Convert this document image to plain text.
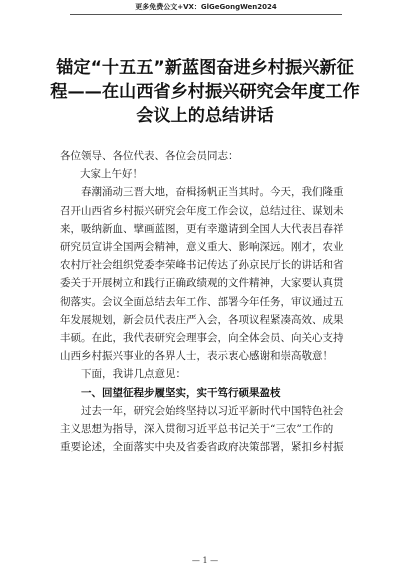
更多免费公文+VX：GlGeGongWen2024
锚定“十五五”新蓝图奋进乡村振兴新征
程——在山西省乡村振兴研究会年度工作
会议上的总结讲话

各位领导、各位代表、各位会员同志：

大家上午好！

春潮涌动三晋大地，奋楫扬帆正当其时。今天，我们隆重

召开山西省乡村振兴研究会年度工作会议，总结过往、谋划未

来，吸纳新血、擘画蓝图，更有幸邀请到全国人大代表吕春祥

研究员宣讲全国两会精神，意义重大、影响深远。刚才，农业

农村厅社会组织党委李荣峰书记传达了孙京民厅长的讲话和省

委关于开展树立和践行正确政绩观的文件精神，大家要认真贯

彻落实。会议全面总结去年工作、部署今年任务，审议通过五

年发展规划，新会员代表庄严入会，各项议程紧凑高效、成果

丰硕。在此，我代表研究会理事会，向全体会员、向关心支持

山西乡村振兴事业的各界人士，表示衷心感谢和崇高敬意！

下面，我讲几点意见：

一、回望征程步履坚实，实干笃行硕果盈枝

过去一年，研究会始终坚持以习近平新时代中国特色社会

主义思想为指导，深入贯彻习近平总书记关于“三农”工作的

重要论述，全面落实中央及省委省政府决策部署，紧扣乡村振

— 1 —
